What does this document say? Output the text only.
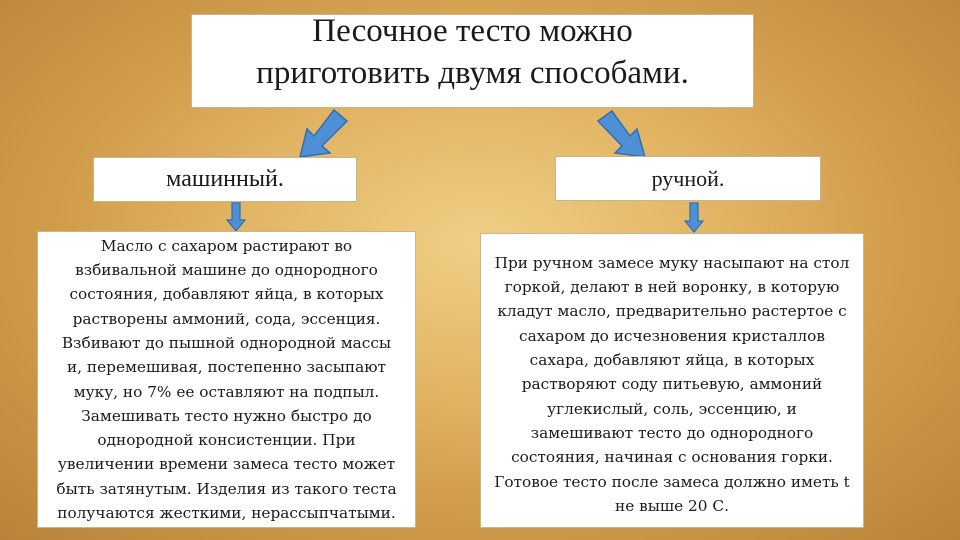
Песочное тесто можно
приготовить двумя способами.
машинный.	ручной.
Масло с сахаром растирают во
взбивальной машине до однородного
состояния, добавляют яйца, в которых
растворены аммоний, сода, эссенция.
Взбивают до пышной однородной массы
и, перемешивая, постепенно засыпают
муку, но 7% ее оставляют на подпыл.
Замешивать тесто нужно быстро до
однородной консистенции. При
увеличении времени замеса тесто может
быть затянутым. Изделия из такого теста
получаются жесткими, нерассыпчатыми.
При ручном замесе муку насыпают на стол
горкой, делают в ней воронку, в которую
кладут масло, предварительно растертое с
сахаром до исчезновения кристаллов
сахара, добавляют яйца, в которых
растворяют соду питьевую, аммоний
углекислый, соль, эссенцию, и
замешивают тесто до однородного
состояния, начиная с основания горки.
Готовое тесто после замеса должно иметь t
не выше 20 С.
